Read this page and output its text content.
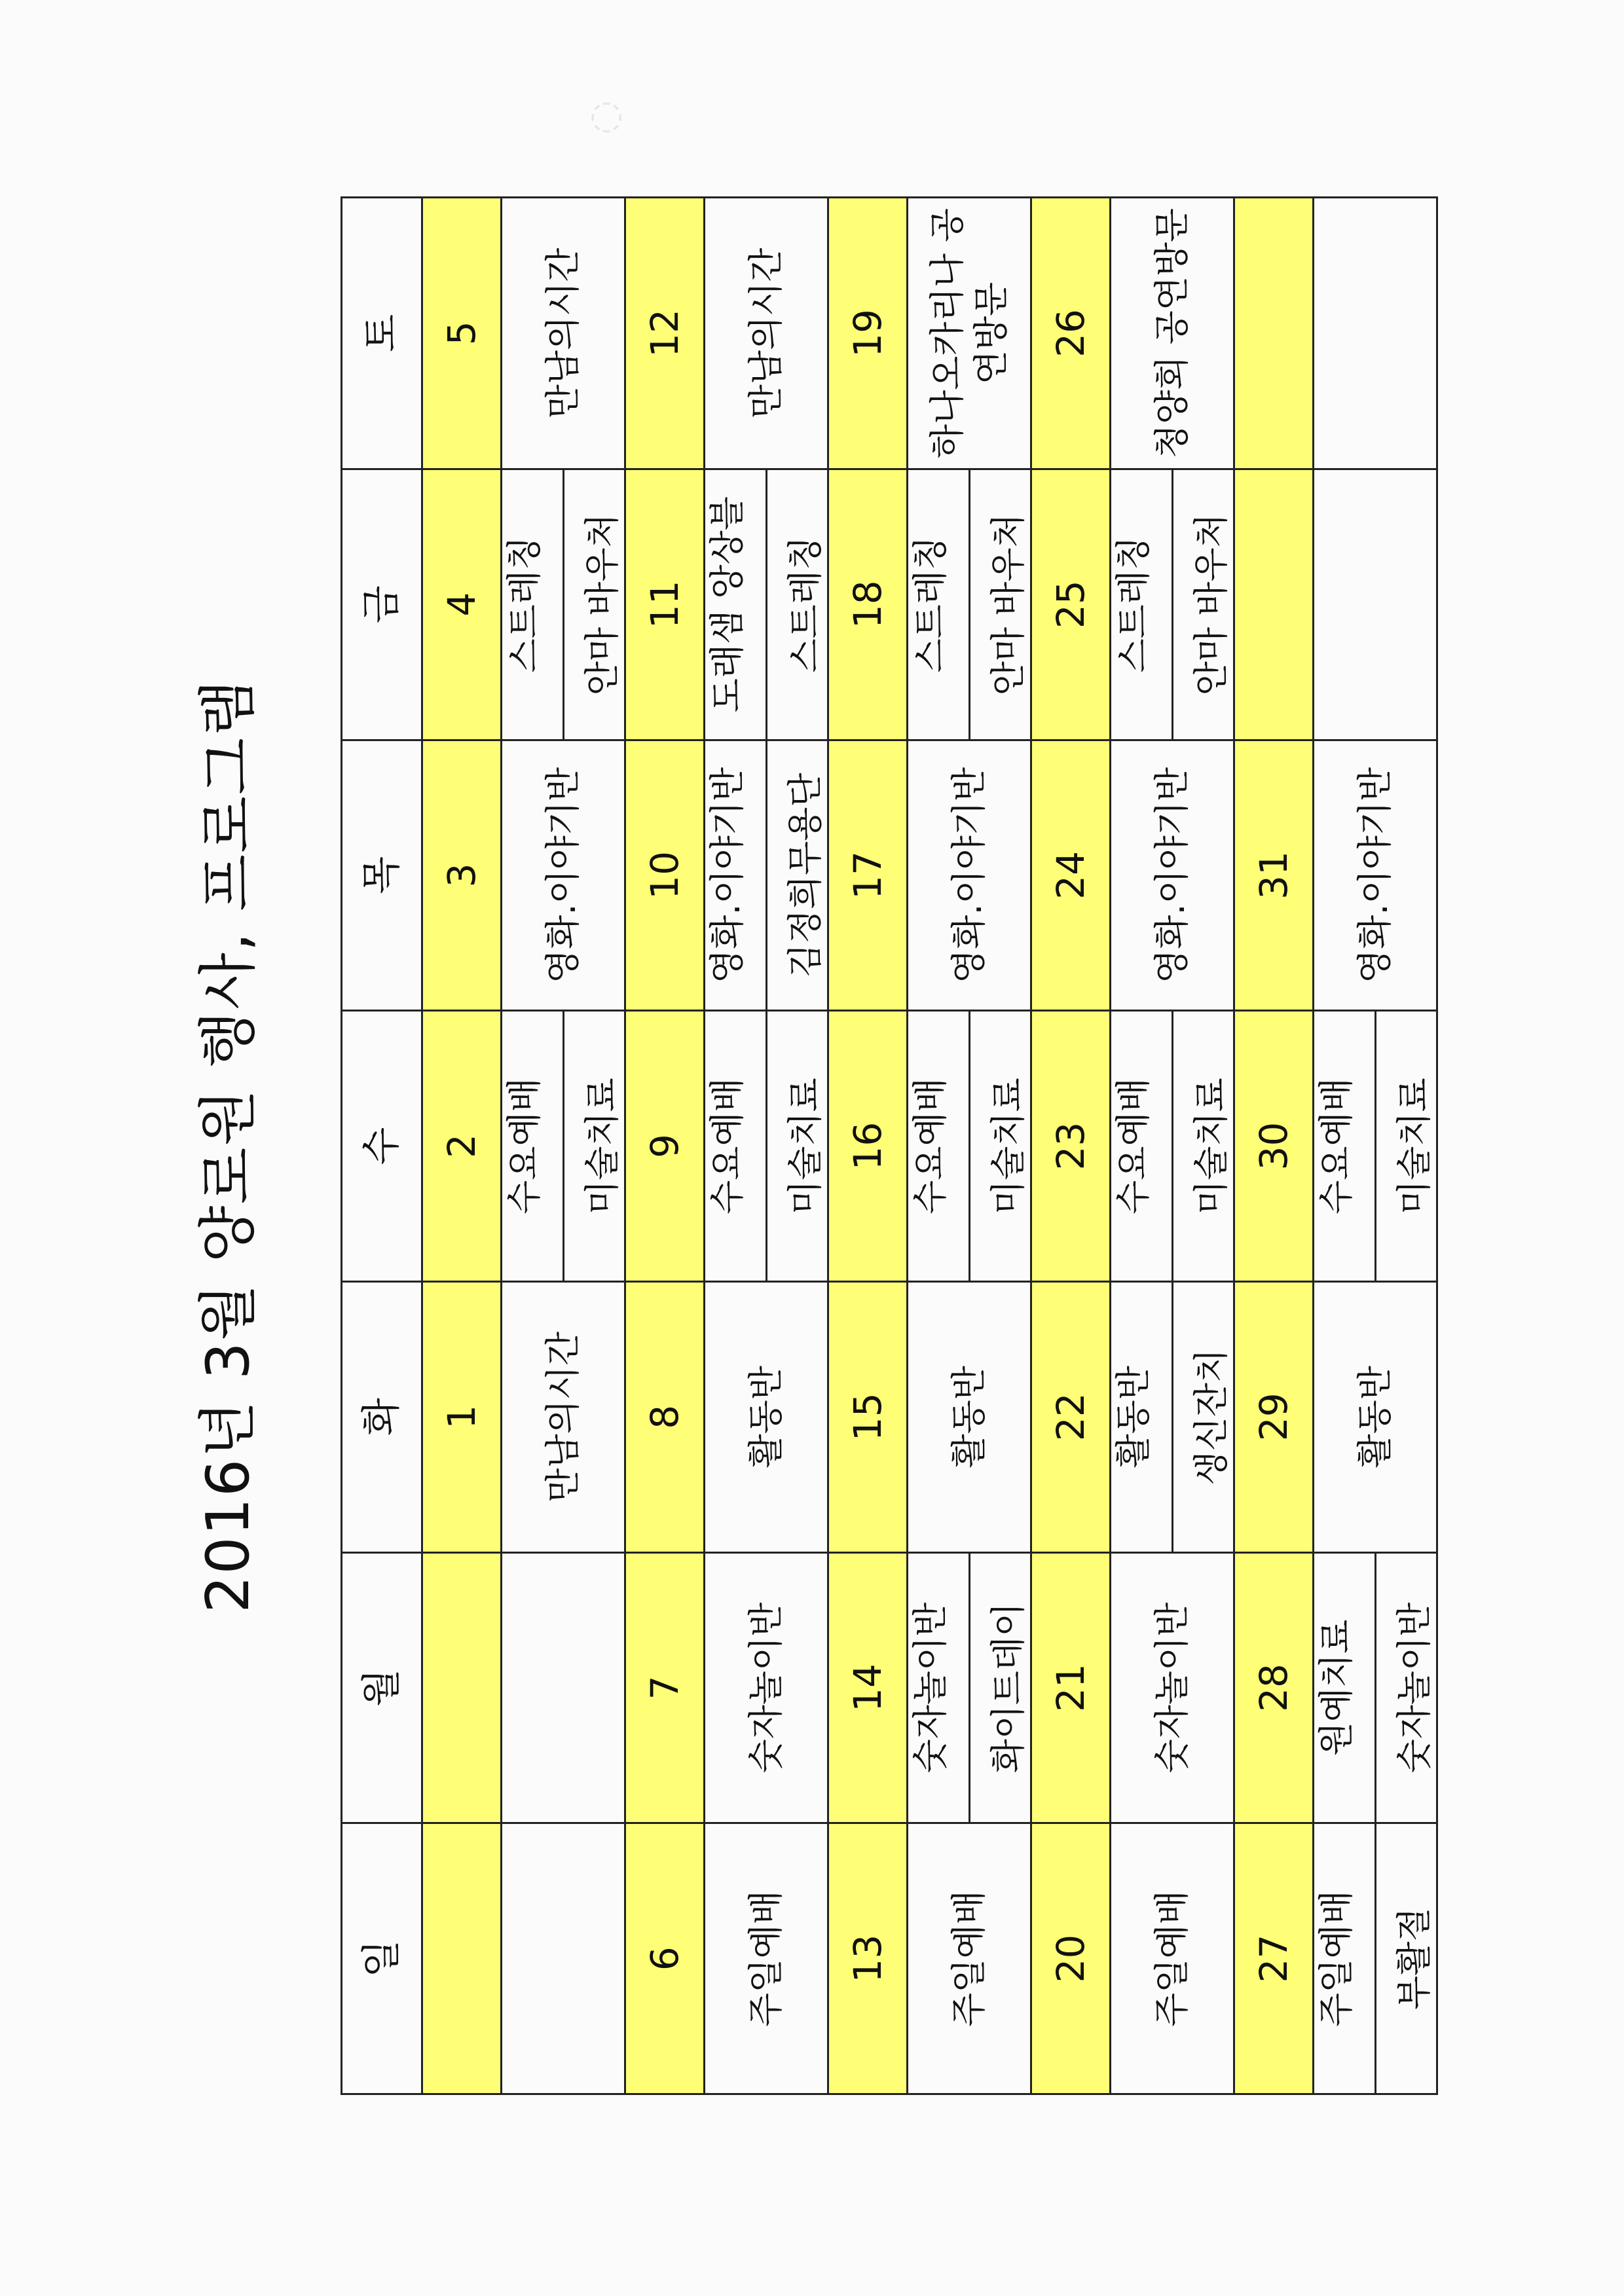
◌
2016년 3월 양로원 행사, 프로그램
일	월	화	수	목	금	토
		1	2	3	4	5

		만남의시간	수요예배 미술치료	영화.이야기반	스트레칭 안마 바우처	만남의시간

6	7	8	9	10	11	12

주일예배	숫자놀이반	활동반	수요예배 미술치료	영화.이야기반 김정희무용단	도래샘 앙상블 스트레칭	만남의시간

13	14	15	16	17	18	19

주일예배	숫자놀이반 화이트데이	활동반	수요예배 미술치료	영화.이야기반	스트레칭 안마 바우처	하나오카리나 공연방문

20	21	22	23	24	25	26

주일예배	숫자놀이반	활동반 생신잔치	수요예배 미술치료	영화.이야기반	스트레칭 안마 바우처	청양회 공연방문

27	28	29	30	31		

주일예배 부활절	원예치료 숫자놀이반	활동반	수요예배 미술치료	영화.이야기반		
